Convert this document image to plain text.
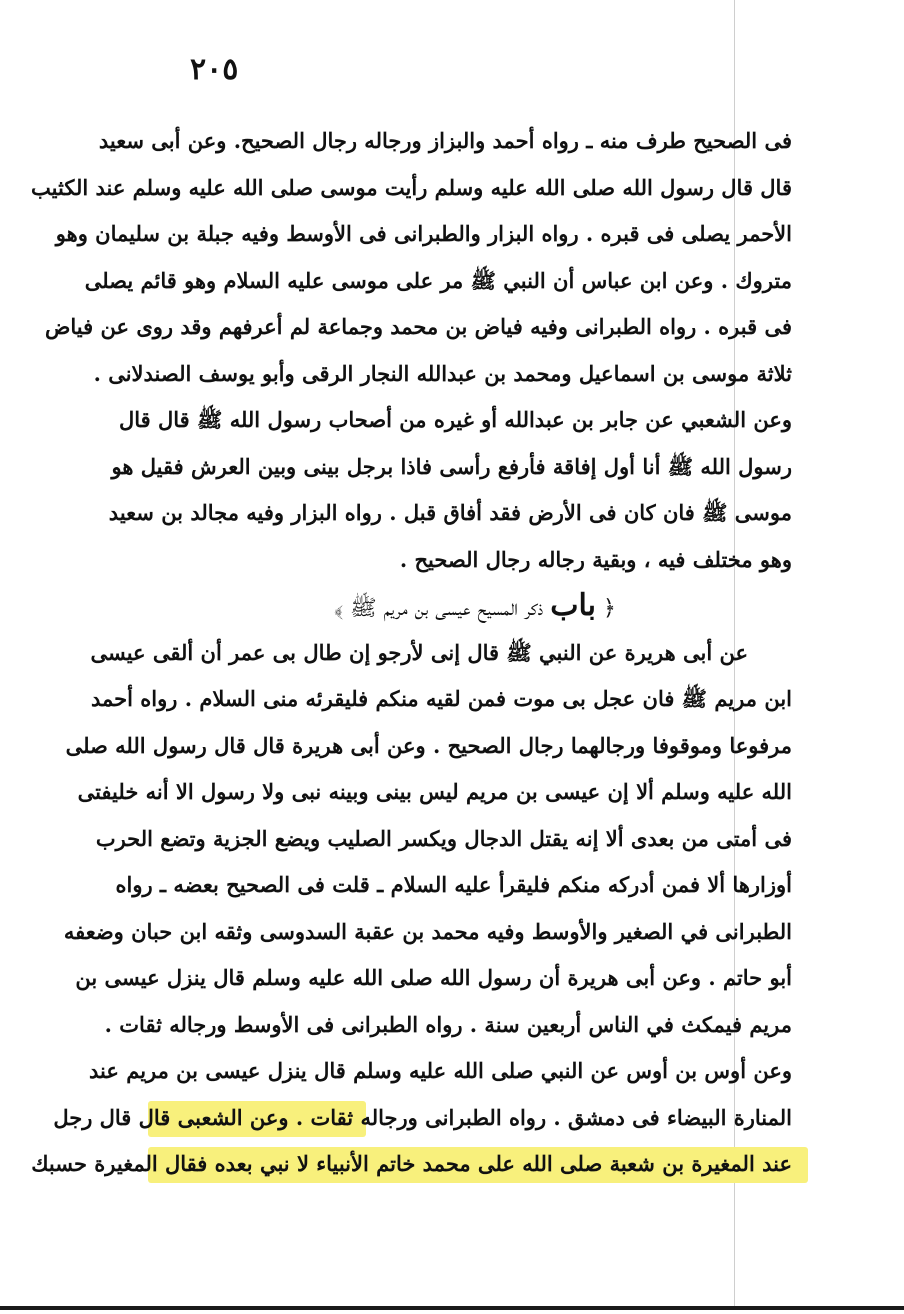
٢٠٥
فى الصحيح طرف منه ـ رواه أحمد والبزاز ورجاله رجال الصحيح. وعن أبى سعيد
قال قال رسول الله صلى الله عليه وسلم رأيت موسى صلى الله عليه وسلم عند الكثيب
الأحمر يصلى فى قبره . رواه البزار والطبرانى فى الأوسط وفيه جبلة بن سليمان وهو
متروك . وعن ابن عباس أن النبي ﷺ مر على موسى عليه السلام وهو قائم يصلى
فى قبره . رواه الطبرانى وفيه فياض بن محمد وجماعة لم أعرفهم وقد روى عن فياض
ثلاثة موسى بن اسماعيل ومحمد بن عبدالله النجار الرقى وأبو يوسف الصندلانى .
وعن الشعبي عن جابر بن عبدالله أو غيره من أصحاب رسول الله ﷺ قال قال
رسول الله ﷺ أنا أول إفاقة فأرفع رأسى فاذا برجل بينى وبين العرش فقيل هو
موسى ﷺ فان كان فى الأرض فقد أفاق قبل . رواه البزار وفيه مجالد بن سعيد
وهو مختلف فيه ، وبقية رجاله رجال الصحيح .
﴿ باب ذكر المسيح عيسى بن مريم ﷺ ﴾
عن أبى هريرة عن النبي ﷺ قال إنى لأرجو إن طال بى عمر أن ألقى عيسى
ابن مريم ﷺ فان عجل بى موت فمن لقيه منكم فليقرئه منى السلام . رواه أحمد
مرفوعا وموقوفا ورجالهما رجال الصحيح . وعن أبى هريرة قال قال رسول الله صلى
الله عليه وسلم ألا إن عيسى بن مريم ليس بينى وبينه نبى ولا رسول الا أنه خليفتى
فى أمتى من بعدى ألا إنه يقتل الدجال ويكسر الصليب ويضع الجزية وتضع الحرب
أوزارها ألا فمن أدركه منكم فليقرأ عليه السلام ـ قلت فى الصحيح بعضه ـ رواه
الطبرانى في الصغير والأوسط وفيه محمد بن عقبة السدوسى وثقه ابن حبان وضعفه
أبو حاتم . وعن أبى هريرة أن رسول الله صلى الله عليه وسلم قال ينزل عيسى بن
مريم فيمكث في الناس أربعين سنة . رواه الطبرانى فى الأوسط ورجاله ثقات .
وعن أوس بن أوس عن النبي صلى الله عليه وسلم قال ينزل عيسى بن مريم عند
المنارة البيضاء فى دمشق . رواه الطبرانى ورجاله ثقات . وعن الشعبى قال قال رجل
عند المغيرة بن شعبة صلى الله على محمد خاتم الأنبياء لا نبي بعده فقال المغيرة حسبك
